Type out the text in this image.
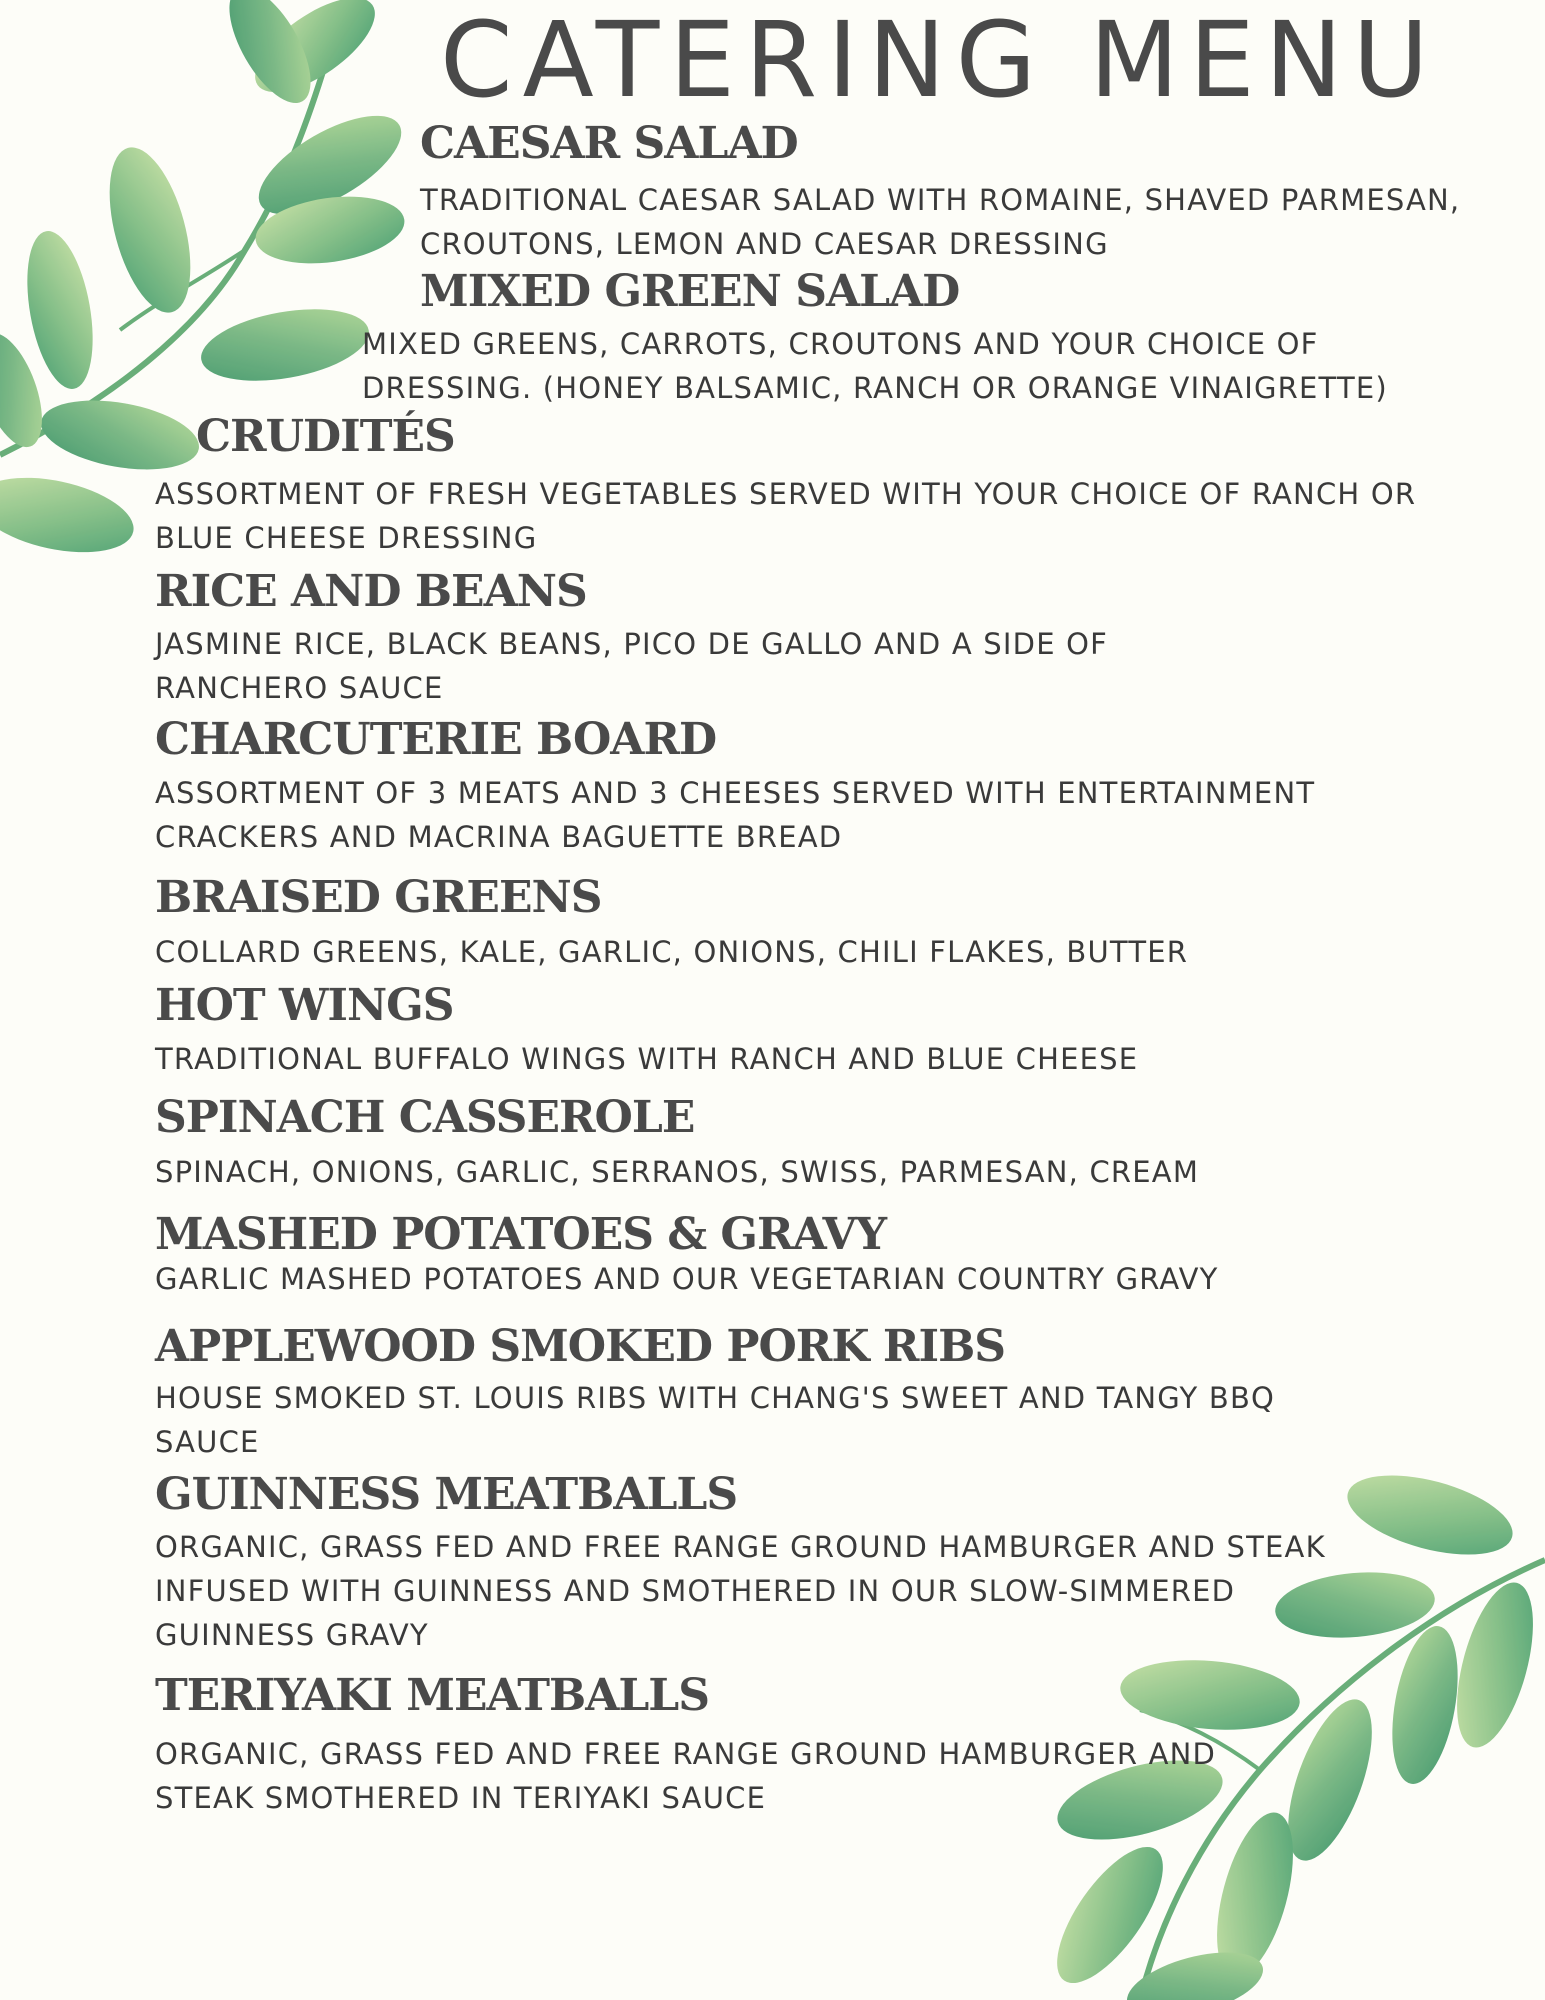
CATERING MENU
CAESAR SALAD

TRADITIONAL CAESAR SALAD WITH ROMAINE, SHAVED PARMESAN,
CROUTONS, LEMON AND CAESAR DRESSING

MIXED GREEN SALAD

MIXED GREENS, CARROTS, CROUTONS AND YOUR CHOICE OF
DRESSING. (HONEY BALSAMIC, RANCH OR ORANGE VINAIGRETTE)

CRUDITÉS

ASSORTMENT OF FRESH VEGETABLES SERVED WITH YOUR CHOICE OF RANCH OR
BLUE CHEESE DRESSING

RICE AND BEANS

JASMINE RICE, BLACK BEANS, PICO DE GALLO AND A SIDE OF
RANCHERO SAUCE

CHARCUTERIE BOARD

ASSORTMENT OF 3 MEATS AND 3 CHEESES SERVED WITH ENTERTAINMENT
CRACKERS AND MACRINA BAGUETTE BREAD

BRAISED GREENS

COLLARD GREENS, KALE, GARLIC, ONIONS, CHILI FLAKES, BUTTER

HOT WINGS

TRADITIONAL BUFFALO WINGS WITH RANCH AND BLUE CHEESE

SPINACH CASSEROLE

SPINACH, ONIONS, GARLIC, SERRANOS, SWISS, PARMESAN, CREAM

MASHED POTATOES & GRAVY

GARLIC MASHED POTATOES AND OUR VEGETARIAN COUNTRY GRAVY

APPLEWOOD SMOKED PORK RIBS

HOUSE SMOKED ST. LOUIS RIBS WITH CHANG'S SWEET AND TANGY BBQ
SAUCE

GUINNESS MEATBALLS

ORGANIC, GRASS FED AND FREE RANGE GROUND HAMBURGER AND STEAK
INFUSED WITH GUINNESS AND SMOTHERED IN OUR SLOW-SIMMERED
GUINNESS GRAVY

TERIYAKI MEATBALLS

ORGANIC, GRASS FED AND FREE RANGE GROUND HAMBURGER AND
STEAK SMOTHERED IN TERIYAKI SAUCE
